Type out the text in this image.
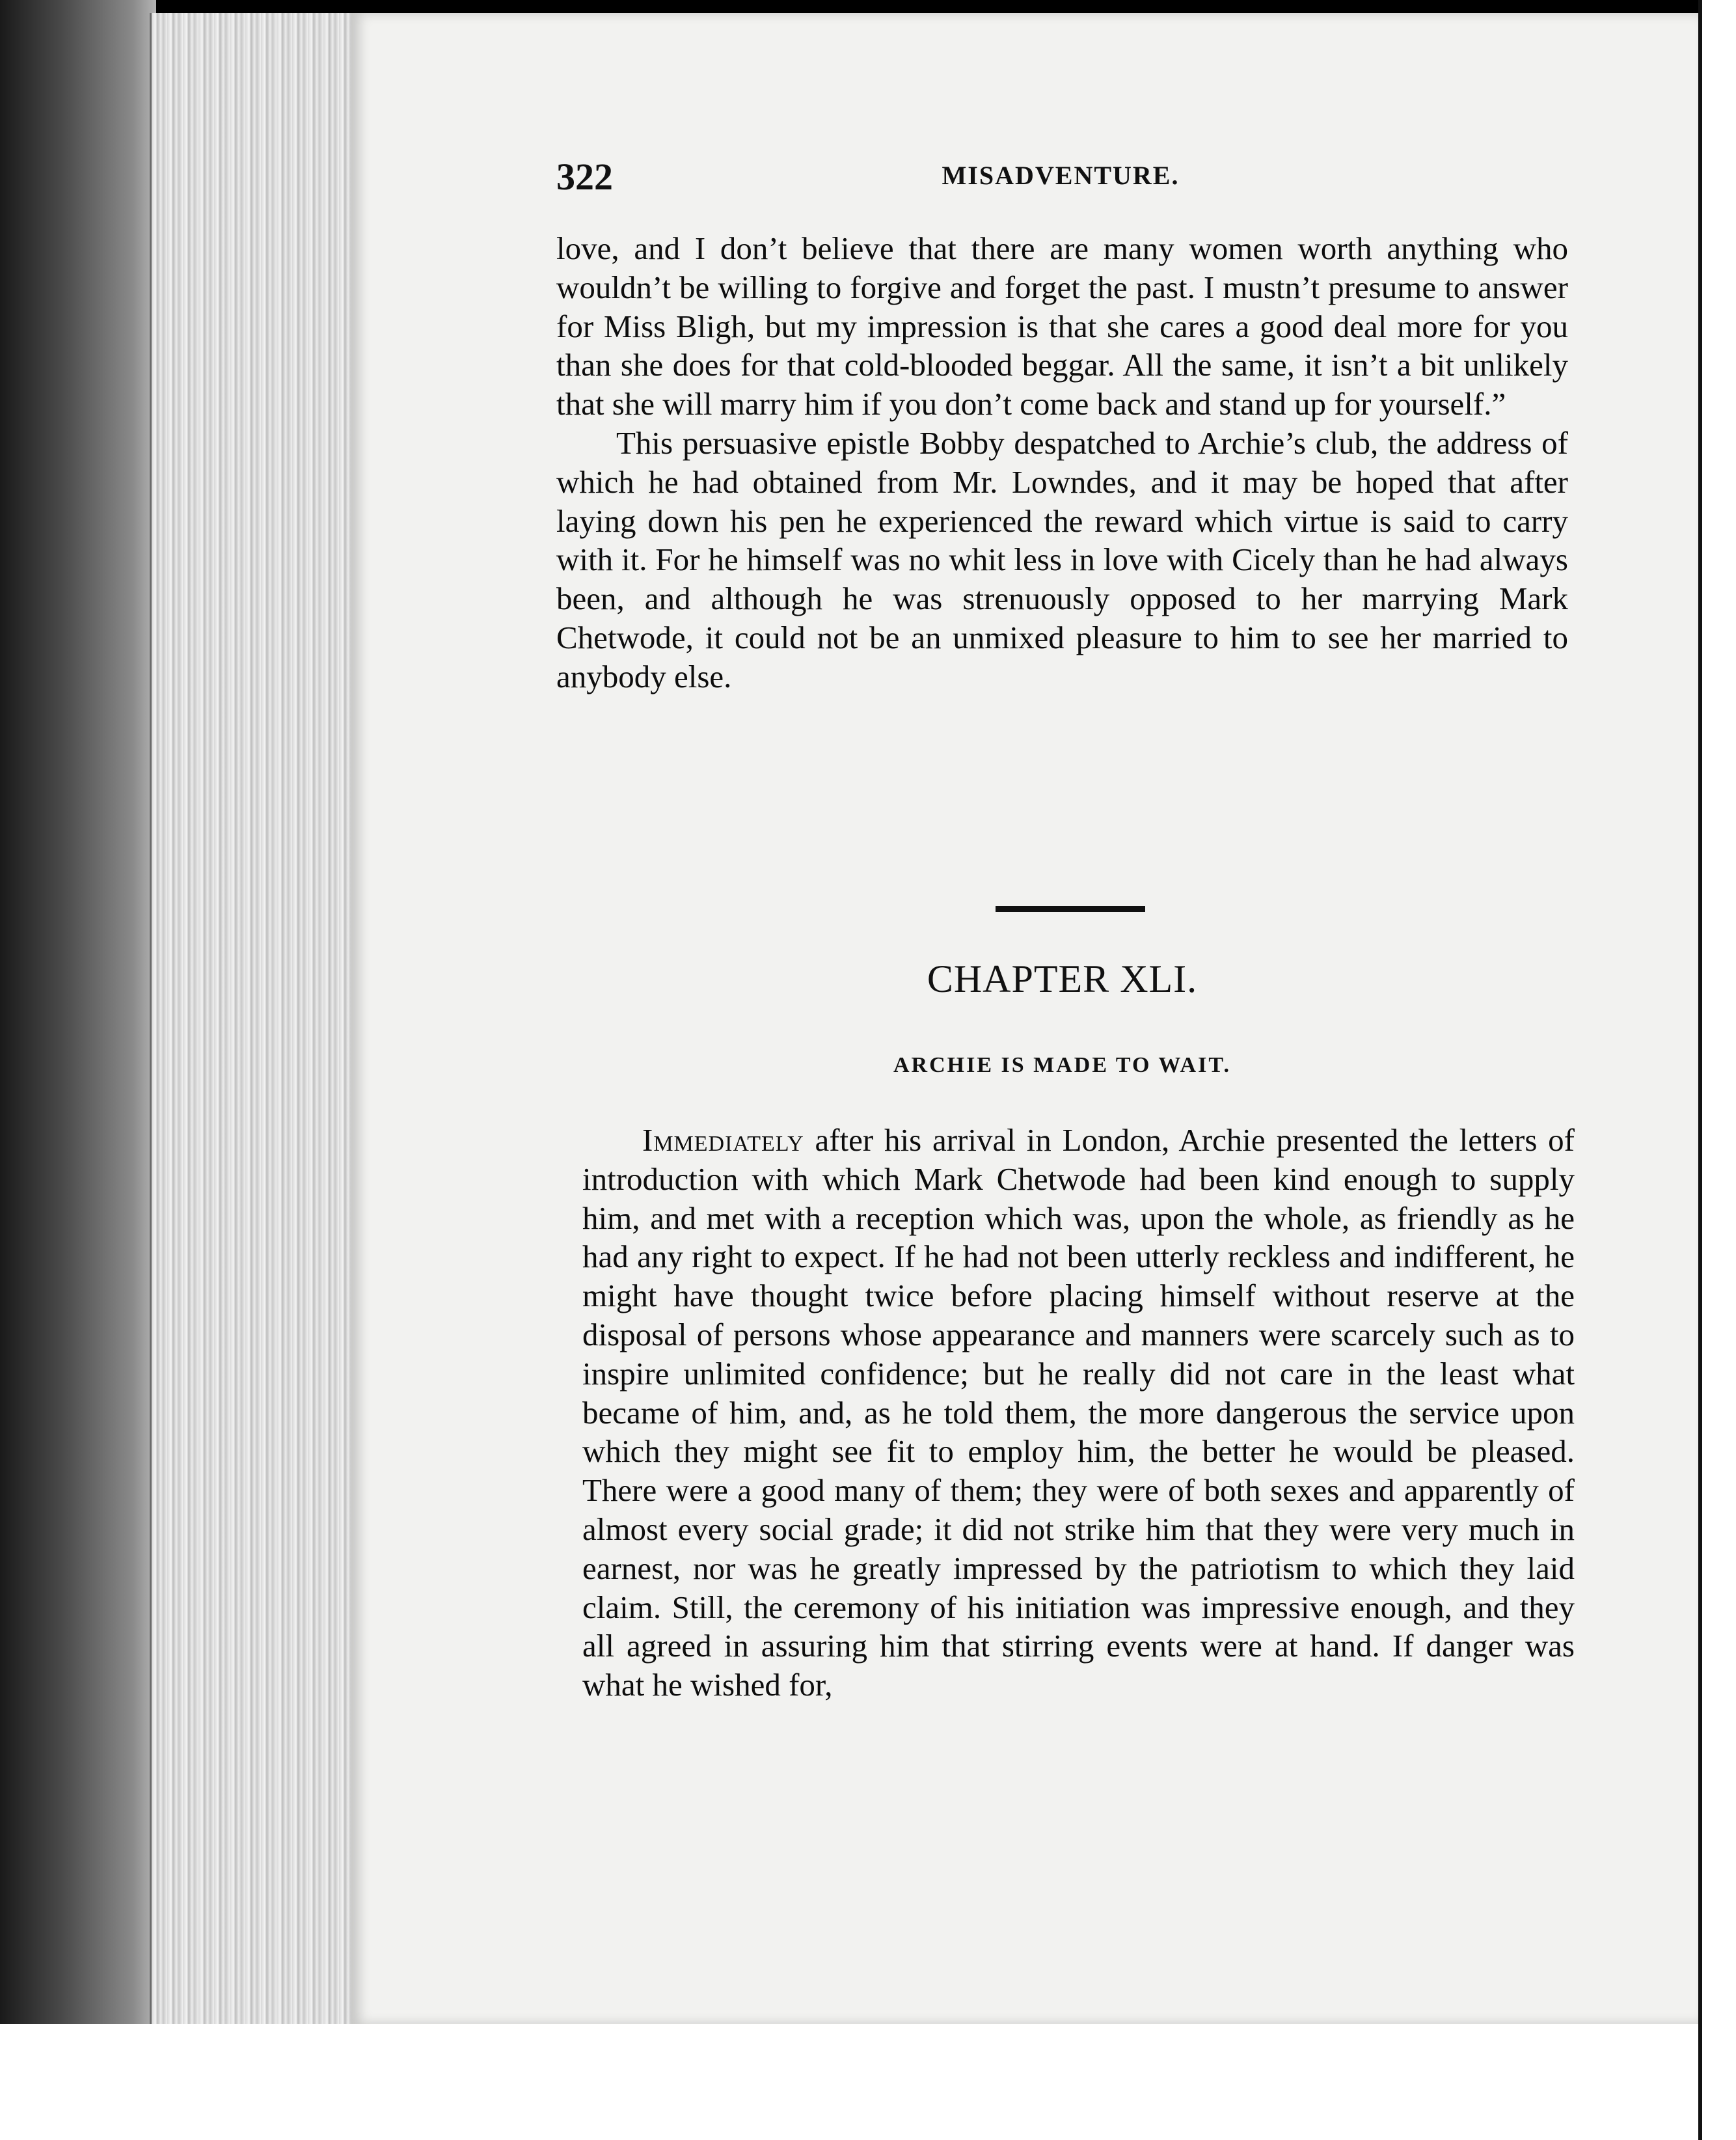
322	MISADVENTURE.

love, and I don’t believe that there are many women worth anything who wouldn’t be willing to forgive and forget the past. I mustn’t presume to answer for Miss Bligh, but my impression is that she cares a good deal more for you than she does for that cold-blooded beggar. All the same, it isn’t a bit unlikely that she will marry him if you don’t come back and stand up for yourself.”

This persuasive epistle Bobby despatched to Archie’s club, the address of which he had obtained from Mr. Lowndes, and it may be hoped that after laying down his pen he experienced the reward which virtue is said to carry with it. For he himself was no whit less in love with Cicely than he had always been, and although he was strenuously opposed to her marrying Mark Chetwode, it could not be an unmixed pleasure to him to see her married to anybody else.

CHAPTER XLI.
ARCHIE IS MADE TO WAIT.

Immediately after his arrival in London, Archie presented the letters of introduction with which Mark Chetwode had been kind enough to supply him, and met with a reception which was, upon the whole, as friendly as he had any right to expect. If he had not been utterly reckless and indifferent, he might have thought twice before placing himself without reserve at the disposal of persons whose appearance and manners were scarcely such as to inspire unlimited confidence; but he really did not care in the least what became of him, and, as he told them, the more dangerous the service upon which they might see fit to employ him, the better he would be pleased. There were a good many of them; they were of both sexes and apparently of almost every social grade; it did not strike him that they were very much in earnest, nor was he greatly impressed by the patriotism to which they laid claim. Still, the ceremony of his initiation was impressive enough, and they all agreed in assuring him that stirring events were at hand. If danger was what he wished for,
